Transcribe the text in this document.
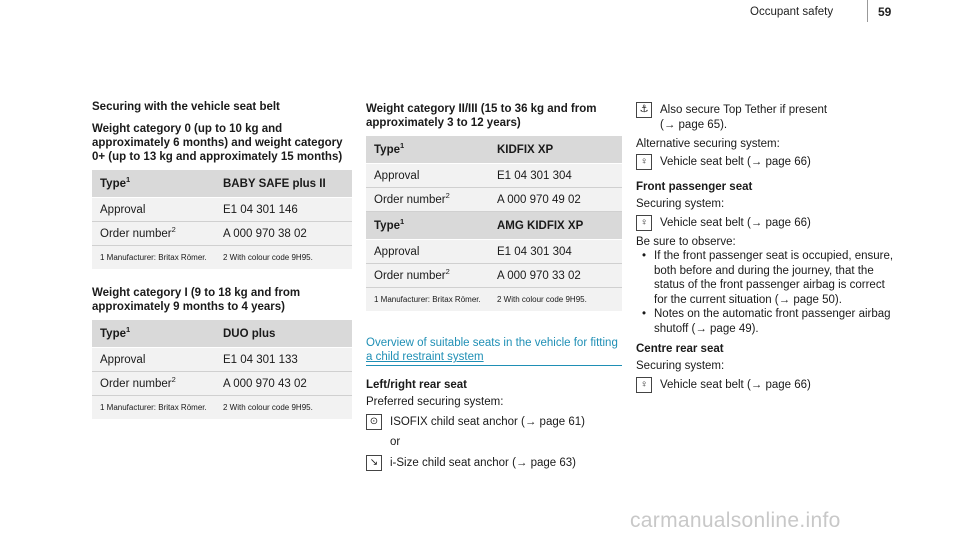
Occupant safety	59

Securing with the vehicle seat belt

Weight category 0 (up to 10 kg and approximately 6 months) and weight category 0+ (up to 13 kg and approximately 15 months)

Type$^1$	BABY SAFE plus II
Approval	E1 04 301 146
Order number$^2$	A 000 970 38 02
1 Manufacturer: Britax Römer.	2 With colour code 9H95.

Weight category I (9 to 18 kg and from approximately 9 months to 4 years)

Type$^1$	DUO plus
Approval	E1 04 301 133
Order number$^2$	A 000 970 43 02
1 Manufacturer: Britax Römer.	2 With colour code 9H95.

Weight category II/III (15 to 36 kg and from approximately 3 to 12 years)

Type$^1$	KIDFIX XP
Approval	E1 04 301 304
Order number$^2$	A 000 970 49 02
Type$^1$	AMG KIDFIX XP
Approval	E1 04 301 304
Order number$^2$	A 000 970 33 02
1 Manufacturer: Britax Römer.	2 With colour code 9H95.
Overview of suitable seats in the vehicle for fitting
a child restraint system

Left/right rear seat

Preferred securing system:

⊙ ISOFIX child seat anchor (→ page 61)

or

↘ i-Size child seat anchor (→ page 63)

⚓ Also secure Top Tether if present

(→ page 65).

Alternative securing system:

♀ Vehicle seat belt (→ page 66)

Front passenger seat

Securing system:

♀ Vehicle seat belt (→ page 66)

Be sure to observe:

• If the front passenger seat is occupied, ensure, both before and during the journey, that the status of the front passenger airbag is correct for the current situation (→ page 50).
• Notes on the automatic front passenger airbag shutoff (→ page 49).

Centre rear seat

Securing system:

♀ Vehicle seat belt (→ page 66)

carmanualsonline.info
